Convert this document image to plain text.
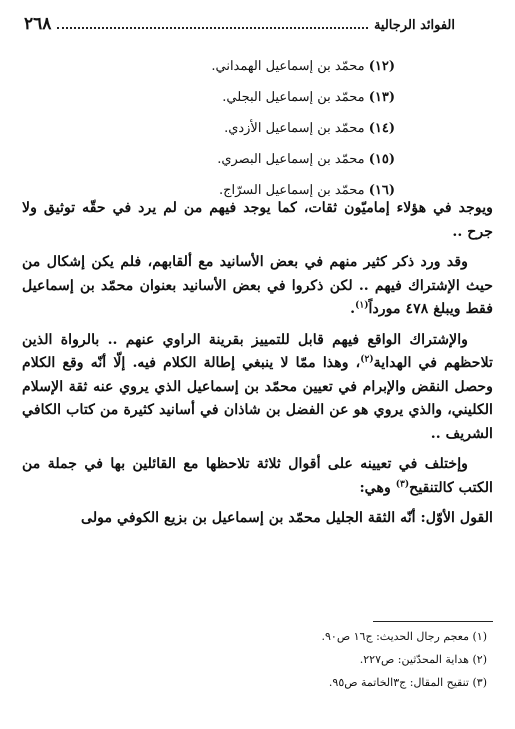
الفوائد الرجالية
٢٦٨
(١٢) محمّد بن إسماعيل الهمداني.
(١٣) محمّد بن إسماعيل البجلي.
(١٤) محمّد بن إسماعيل الأزدي.
(١٥) محمّد بن إسماعيل البصري.
(١٦) محمّد بن إسماعيل السرّاج.

ويوجد في هؤلاء إماميّون ثقات، كما يوجد فيهم من لم يرد في حقّه توثيق ولا جرح ..

وقد ورد ذكر كثير منهم في بعض الأسانيد مع ألقابهم، فلم يكن إشكال من حيث الإشتراك فيهم .. لكن ذكروا في بعض الأسانيد بعنوان محمّد بن إسماعيل فقط ويبلغ ٤٧٨ مورداً$^{(١)}$.

والإشتراك الواقع فيهم قابل للتمييز بقرينة الراوي عنهم .. بالرواة الذين تلاحظهم في الهداية$^{(٢)}$، وهذا ممّا لا ينبغي إطالة الكلام فيه. إلّا أنّه وقع الكلام وحصل النقض والإبرام في تعيين محمّد بن إسماعيل الذي يروي عنه ثقة الإسلام الكليني، والذي يروي هو عن الفضل بن شاذان في أسانيد كثيرة من كتاب الكافي الشريف ..

وإختلف في تعيينه على أقوال ثلاثة تلاحظها مع القائلين بها في جملة من الكتب كالتنقيح$^{(٣)}$ وهي:

القول الأوّل: أنّه الثقة الجليل محمّد بن إسماعيل بن بزيع الكوفي مولى

(١) معجم رجال الحديث: ج١٦ ص٩٠.
(٢) هداية المحدّثين: ص٢٢٧.
(٣) تنقيح المقال: ج٣الخاتمة ص٩٥.
